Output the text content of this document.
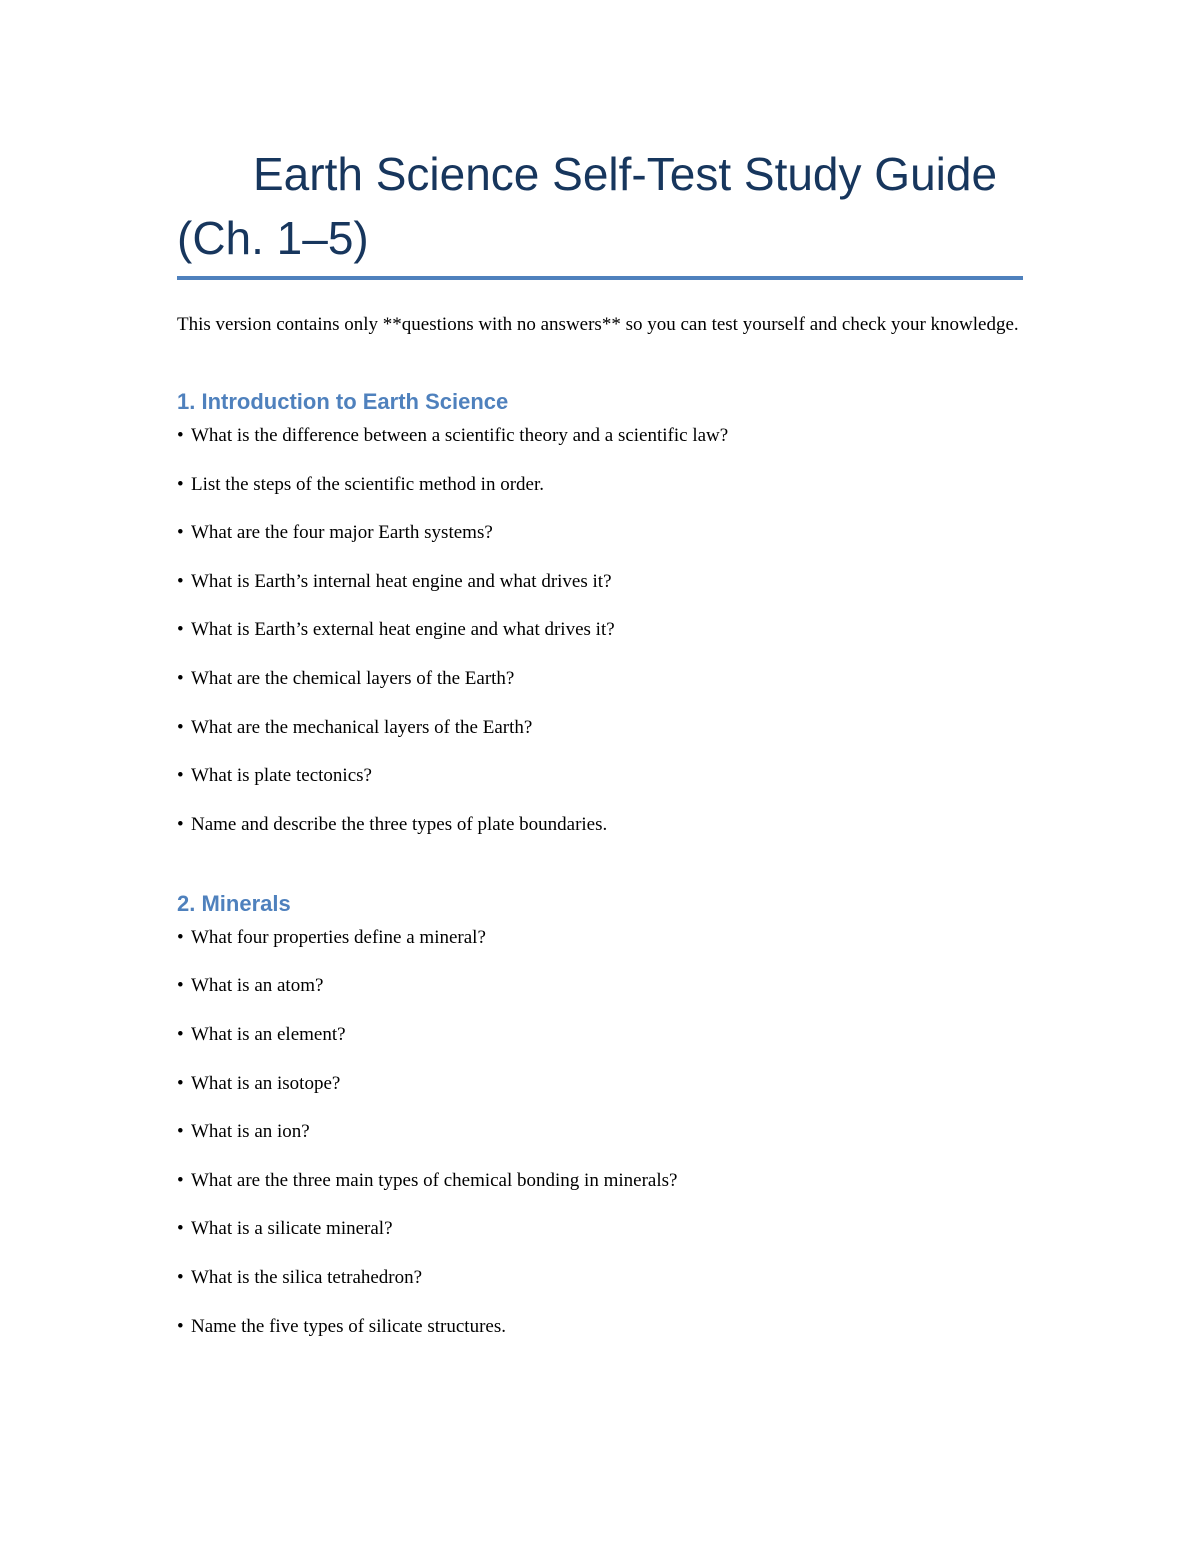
Earth Science Self-Test Study Guide
(Ch. 1–5)

This version contains only **questions with no answers** so you can test yourself and check your knowledge.

1. Introduction to Earth Science
• What is the difference between a scientific theory and a scientific law?
• List the steps of the scientific method in order.
• What are the four major Earth systems?
• What is Earth’s internal heat engine and what drives it?
• What is Earth’s external heat engine and what drives it?
• What are the chemical layers of the Earth?
• What are the mechanical layers of the Earth?
• What is plate tectonics?
• Name and describe the three types of plate boundaries.
2. Minerals
• What four properties define a mineral?
• What is an atom?
• What is an element?
• What is an isotope?
• What is an ion?
• What are the three main types of chemical bonding in minerals?
• What is a silicate mineral?
• What is the silica tetrahedron?
• Name the five types of silicate structures.
